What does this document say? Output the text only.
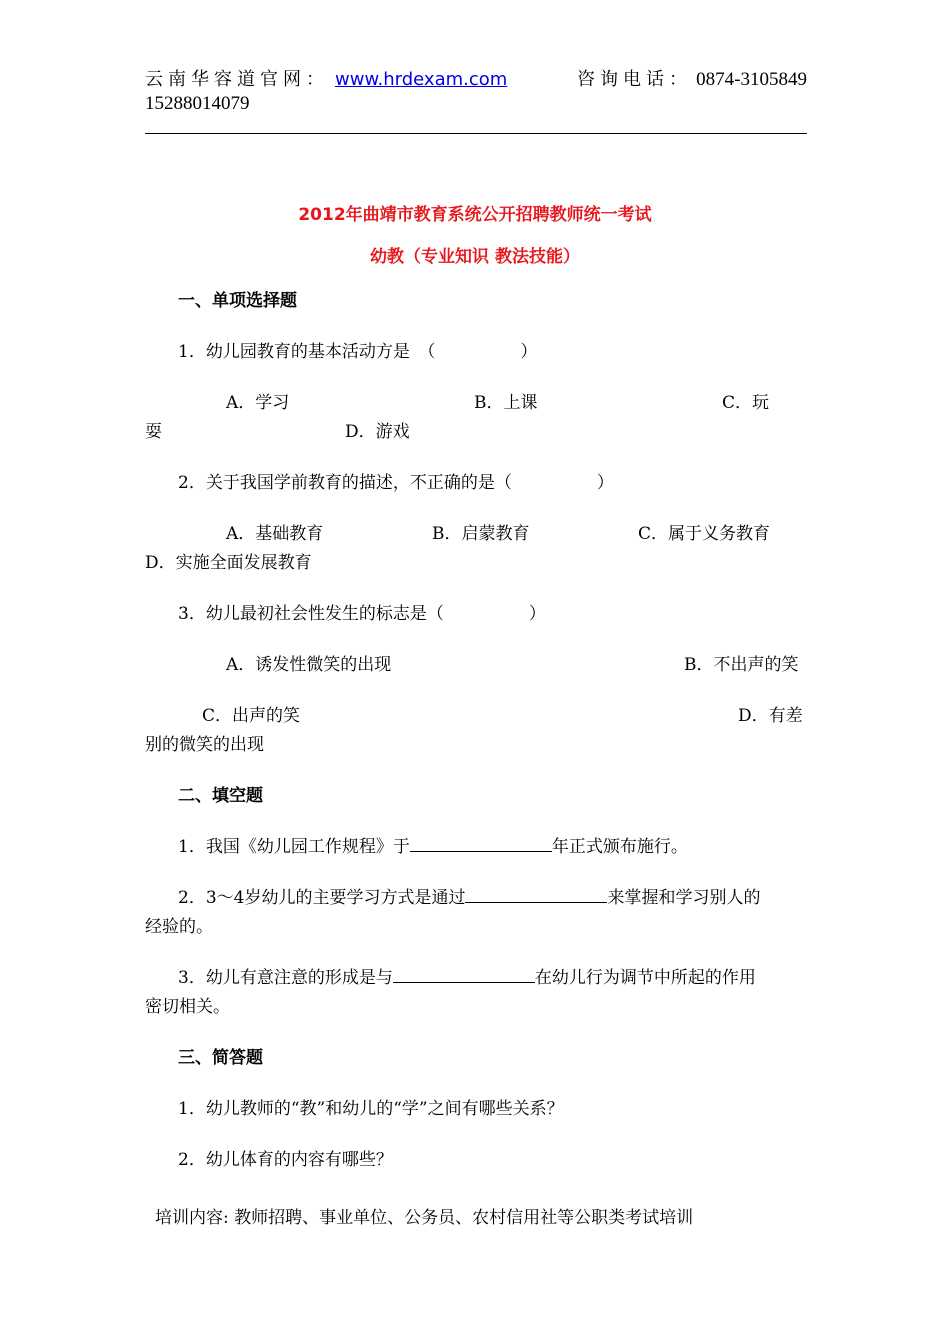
云南华容道官网： www.hrdexam.com	咨询电话： 0874-3105849
15288014079
2012年曲靖市教育系统公开招聘教师统一考试
幼教（专业知识 教法技能）
一、单项选择题
1．幼儿园教育的基本活动方是　（　　　　　）
A．学习	B．上课	C．玩
耍	D．游戏
2．关于我国学前教育的描述，不正确的是（　　　　　）
A．基础教育	B．启蒙教育	C．属于义务教育
D．实施全面发展教育
3．幼儿最初社会性发生的标志是（　　　　　）
A．诱发性微笑的出现	B．不出声的笑
C．出声的笑	D．有差
别的微笑的出现
二、填空题
1．我国《幼儿园工作规程》于	年正式颁布施行。
2．3～4岁幼儿的主要学习方式是通过	来掌握和学习别人的
经验的。
3．幼儿有意注意的形成是与	在幼儿行为调节中所起的作用
密切相关。
三、简答题
1．幼儿教师的“教”和幼儿的“学”之间有哪些关系？
2．幼儿体育的内容有哪些？
培训内容: 教师招聘、事业单位、公务员、农村信用社等公职类考试培训
